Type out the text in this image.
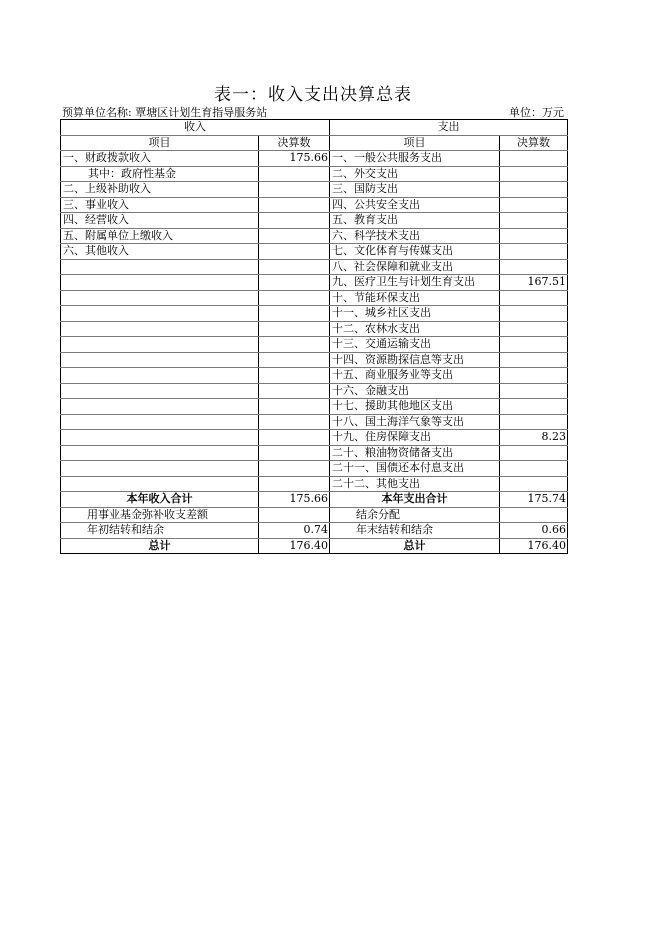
表一：收入支出决算总表
预算单位名称: 覃塘区计划生育指导服务站	单位：万元
收入		支出	
项目	决算数	项目	决算数
一、财政拨款收入	175.66	一、一般公共服务支出	
其中：政府性基金		二、外交支出	
二、上级补助收入		三、国防支出	
三、事业收入		四、公共安全支出	
四、经营收入		五、教育支出	
五、附属单位上缴收入		六、科学技术支出	
六、其他收入		七、文化体育与传媒支出	
		八、社会保障和就业支出	
		九、医疗卫生与计划生育支出	167.51
		十、节能环保支出	
		十一、城乡社区支出	
		十二、农林水支出	
		十三、交通运输支出	
		十四、资源勘探信息等支出	
		十五、商业服务业等支出	
		十六、金融支出	
		十七、援助其他地区支出	
		十八、国土海洋气象等支出	
		十九、住房保障支出	8.23
		二十、粮油物资储备支出	
		二十一、国债还本付息支出	
		二十二、其他支出	
本年收入合计	175.66	本年支出合计	175.74
用事业基金弥补收支差额		结余分配	
年初结转和结余	0.74	年末结转和结余	0.66
总计	176.40	总计	176.40
